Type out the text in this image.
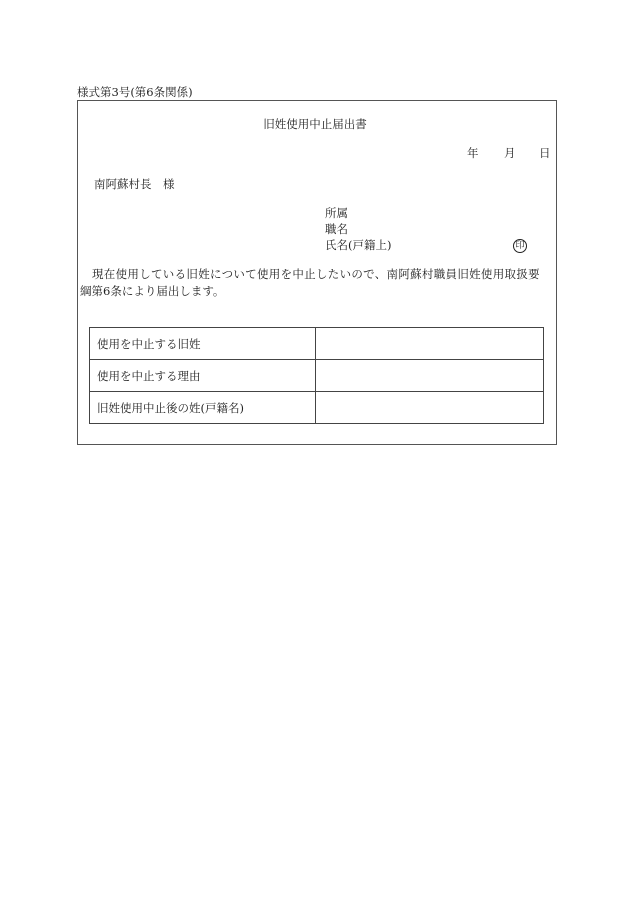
様式第3号(第6条関係)
旧姓使用中止届出書
年 月 日
南阿蘇村長　様
所属
職名
氏名(戸籍上)	印
現在使用している旧姓について使用を中止したいので、南阿蘇村職員旧姓使用取扱要
綱第6条により届出します。
使用を中止する旧姓	
使用を中止する理由	
旧姓使用中止後の姓(戸籍名)	
